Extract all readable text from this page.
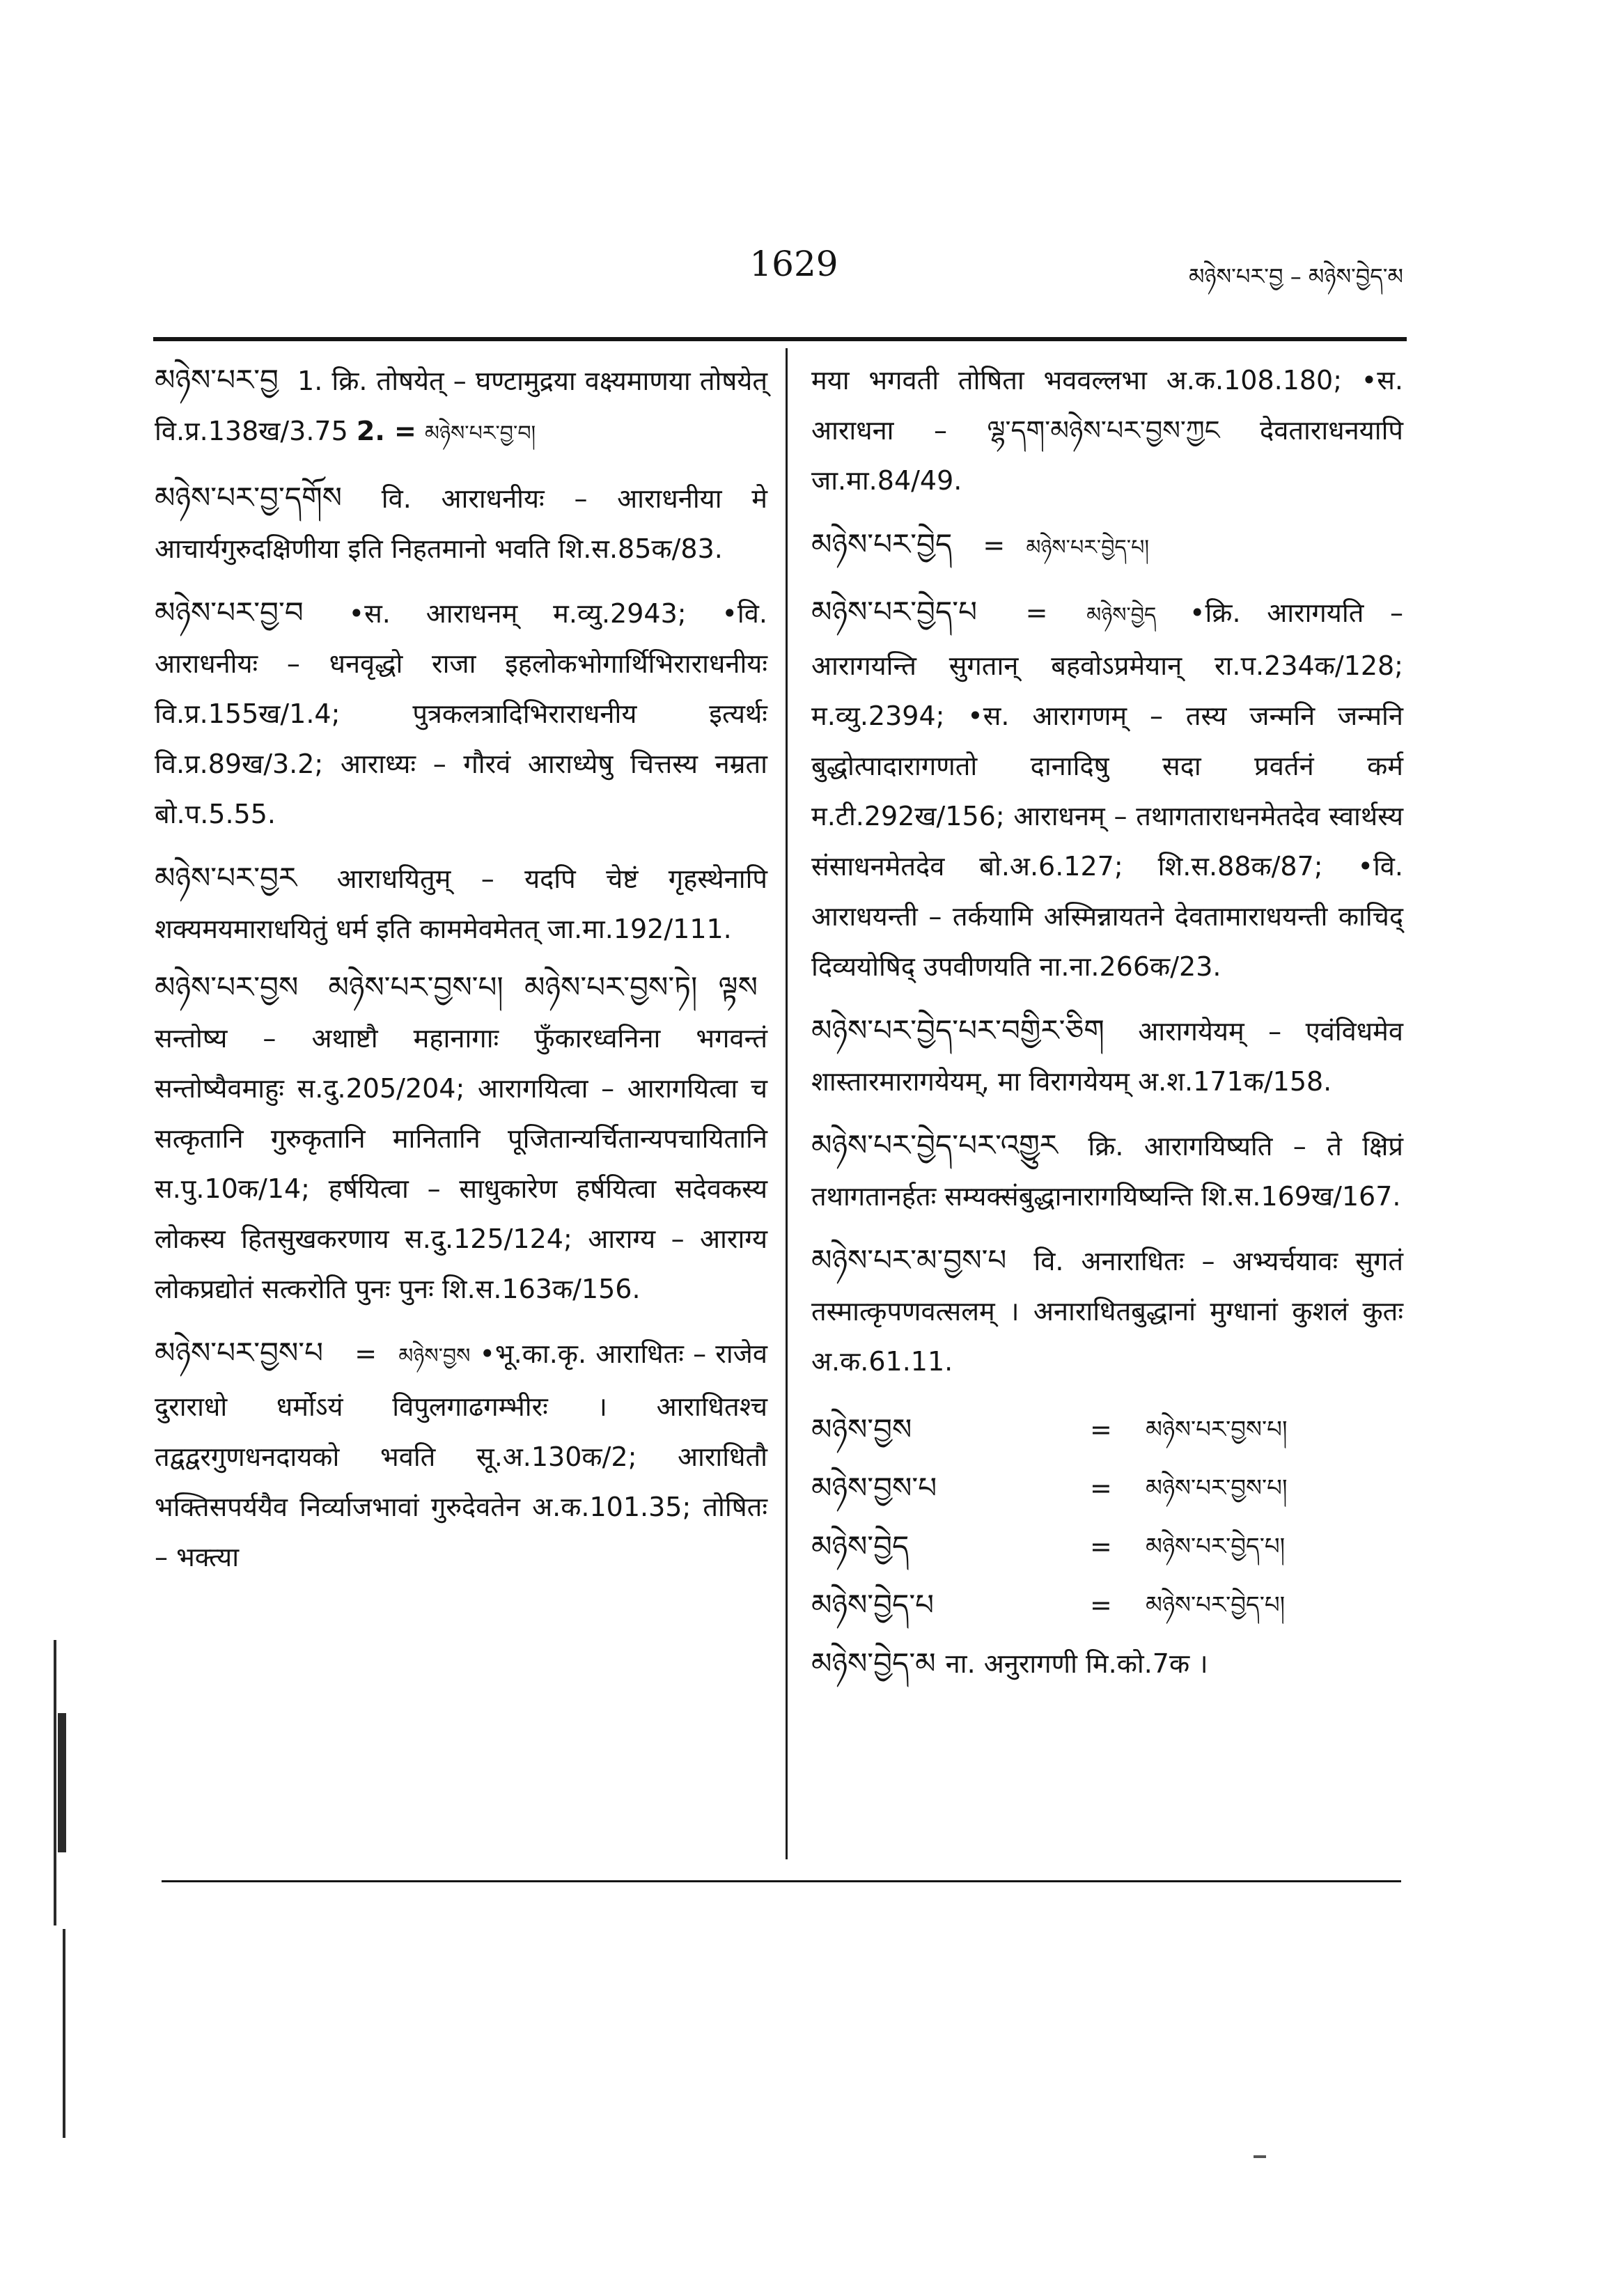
1629	མཉེས་པར་བྱ – མཉེས་བྱེད་མ
མཉེས་པར་བྱ 1. क्रि. तोषयेत् – घण्टामुद्रया वक्ष्यमाणया तोषयेत् वि.प्र.138ख/3.75 2. = མཉེས་པར་བྱ་བ།
མཉེས་པར་བྱ་དགོས वि. आराधनीयः – आराधनीया मे आचार्यगुरुदक्षिणीया इति निहतमानो भवति शि.स.85क/83.
མཉེས་པར་བྱ་བ •स. आराधनम् म.व्यु.2943; •वि. आराधनीयः – धनवृद्धो राजा इहलोकभोगार्थिभिराराधनीयः वि.प्र.155ख/1.4; पुत्रकलत्रादिभिराराधनीय इत्यर्थः वि.प्र.89ख/3.2; आराध्यः – गौरवं आराध्येषु चित्तस्य नम्रता बो.प.5.55.
མཉེས་པར་བྱར आराधयितुम् – यदपि चेष्टं गृहस्थेनापि शक्यमयमाराधयितुं धर्म इति काममेवमेतत् जा.मा.192/111.
མཉེས་པར་བྱས མཉེས་པར་བྱས་པ། མཉེས་པར་བྱས་ཏེ། ལྟས सन्तोष्य – अथाष्टौ महानागाः फुँकारध्वनिना भगवन्तं सन्तोष्यैवमाहुः स.दु.205/204; आरागयित्वा – आरागयित्वा च सत्कृतानि गुरुकृतानि मानितानि पूजितान्यर्चितान्यपचायितानि स.पु.10क/14; हर्षयित्वा – साधुकारेण हर्षयित्वा सदेवकस्य लोकस्य हितसुखकरणाय स.दु.125/124; आराग्य – आराग्य लोकप्रद्योतं सत्करोति पुनः पुनः शि.स.163क/156.
མཉེས་པར་བྱས་པ = མཉེས་བྱས •भू.का.कृ. आराधितः – राजेव दुराराधो धर्मोऽयं विपुलगाढगम्भीरः । आराधितश्च तद्वद्वरगुणधनदायको भवति सू.अ.130क/2; आराधितौ भक्तिसपर्ययैव निर्व्याजभावां गुरुदेवतेन अ.क.101.35; तोषितः – भक्त्या
मया भगवती तोषिता भववल्लभा अ.क.108.180; •स. आराधना – ལྷ་དག་མཉེས་པར་བྱས་ཀྱང देवताराधनयापि जा.मा.84/49.
མཉེས་པར་བྱེད = མཉེས་པར་བྱེད་པ།
མཉེས་པར་བྱེད་པ = མཉེས་བྱེད •क्रि. आरागयति – आरागयन्ति सुगतान् बहवोऽप्रमेयान् रा.प.234क/128; म.व्यु.2394; •स. आरागणम् – तस्य जन्मनि जन्मनि बुद्धोत्पादारागणतो दानादिषु सदा प्रवर्तनं कर्म म.टी.292ख/156; आराधनम् – तथागताराधनमेतदेव स्वार्थस्य संसाधनमेतदेव बो.अ.6.127; शि.स.88क/87; •वि. आराधयन्ती – तर्कयामि अस्मिन्नायतने देवतामाराधयन्ती काचिद् दिव्ययोषिद् उपवीणयति ना.ना.266क/23.
མཉེས་པར་བྱེད་པར་བགྱིར་ཅིག आरागयेयम् – एवंविधमेव शास्तारमारागयेयम्, मा विरागयेयम् अ.श.171क/158.
མཉེས་པར་བྱེད་པར་འགྱུར क्रि. आरागयिष्यति – ते क्षिप्रं तथागतानर्हतः सम्यक्संबुद्धानारागयिष्यन्ति शि.स.169ख/167.
མཉེས་པར་མ་བྱས་པ वि. अनाराधितः – अभ्यर्चयावः सुगतं तस्मात्कृपणवत्सलम् । अनाराधितबुद्धानां मुग्धानां कुशलं कुतः अ.क.61.11.
མཉེས་བྱས	=	མཉེས་པར་བྱས་པ།
མཉེས་བྱས་པ	=	མཉེས་པར་བྱས་པ།
མཉེས་བྱེད	=	མཉེས་པར་བྱེད་པ།
མཉེས་བྱེད་པ	=	མཉེས་པར་བྱེད་པ།
མཉེས་བྱེད་མ ना. अनुरागणी मि.को.7क ।
